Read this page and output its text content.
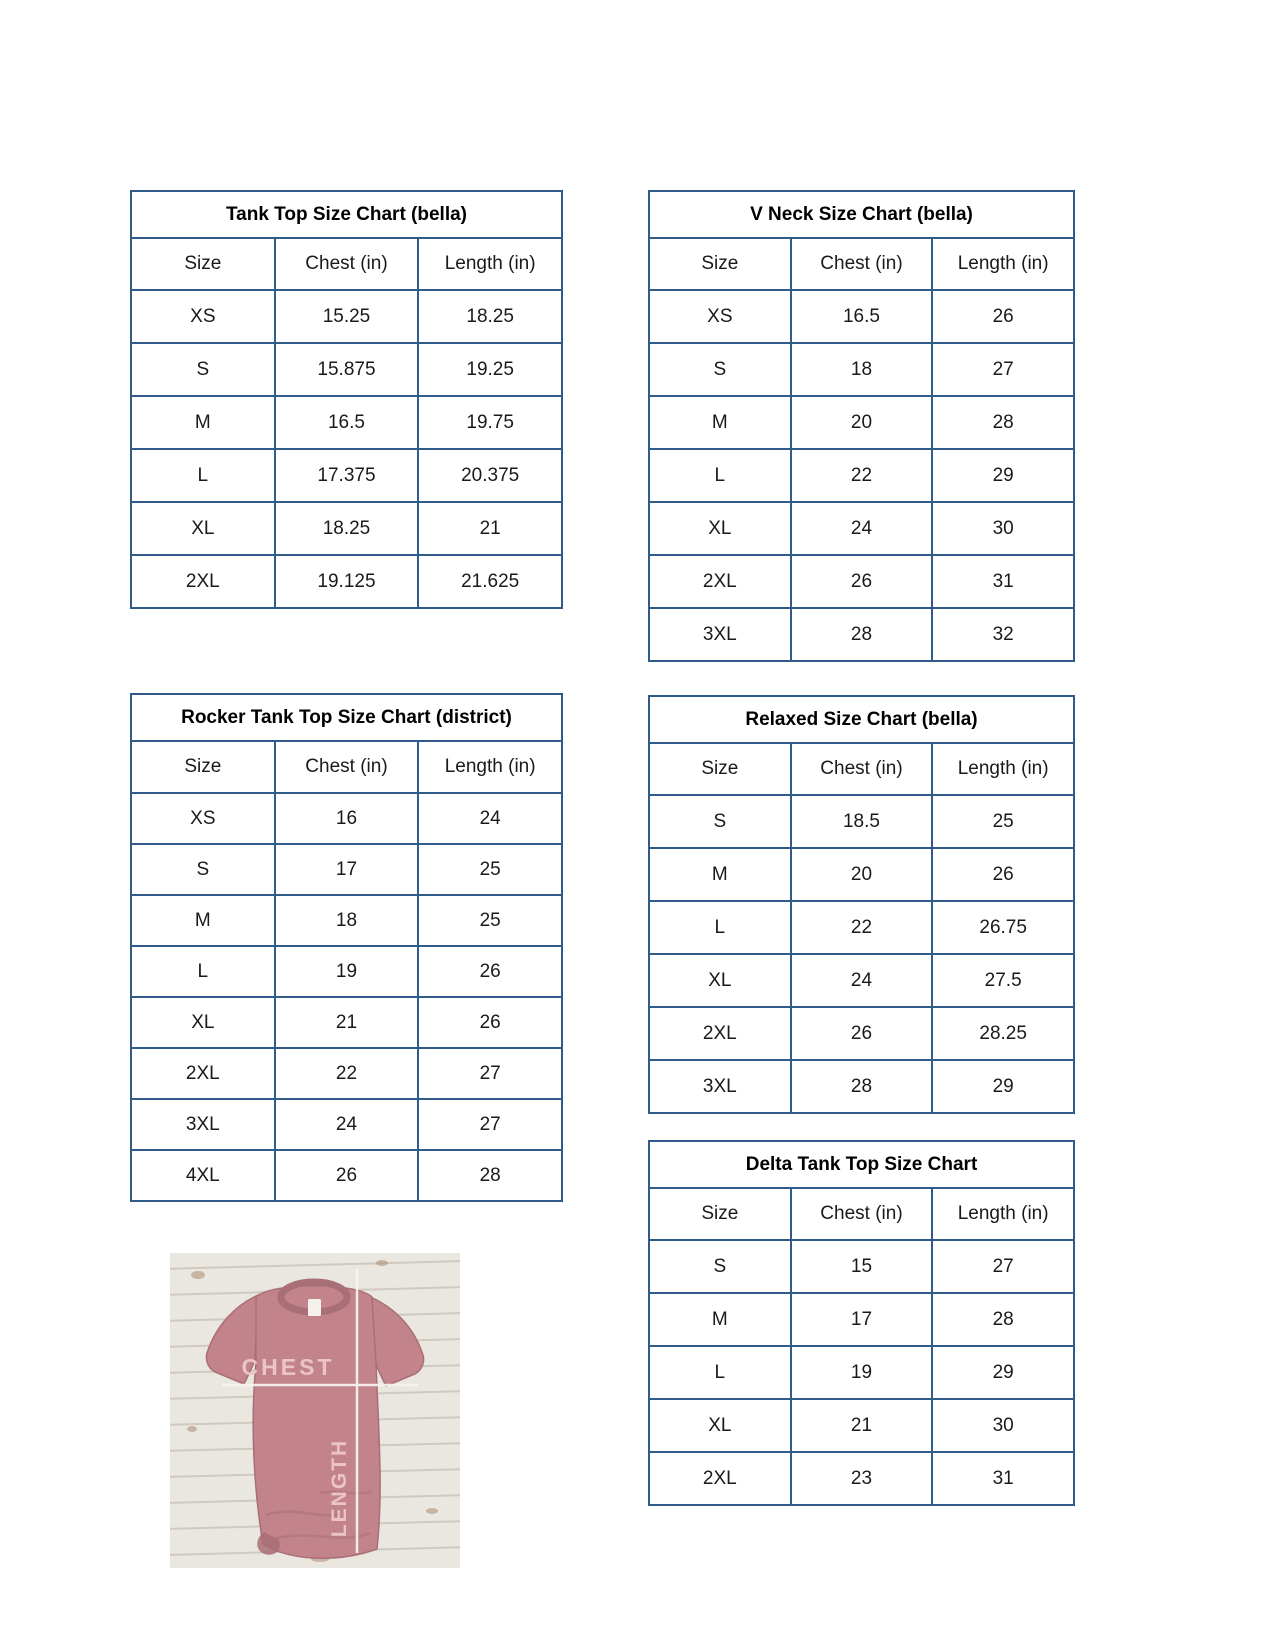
Tank Top Size Chart (bella)		
Size	Chest (in)	Length (in)
XS	15.25	18.25
S	15.875	19.25
M	16.5	19.75
L	17.375	20.375
XL	18.25	21
2XL	19.125	21.625
V Neck Size Chart (bella)		
Size	Chest (in)	Length (in)
XS	16.5	26
S	18	27
M	20	28
L	22	29
XL	24	30
2XL	26	31
3XL	28	32
Rocker Tank Top Size Chart (district)		
Size	Chest (in)	Length (in)
XS	16	24
S	17	25
M	18	25
L	19	26
XL	21	26
2XL	22	27
3XL	24	27
4XL	26	28
Relaxed Size Chart (bella)		
Size	Chest (in)	Length (in)
S	18.5	25
M	20	26
L	22	26.75
XL	24	27.5
2XL	26	28.25
3XL	28	29
Delta Tank Top Size Chart		
Size	Chest (in)	Length (in)
S	15	27
M	17	28
L	19	29
XL	21	30
2XL	23	31
CHEST
LENGTH
